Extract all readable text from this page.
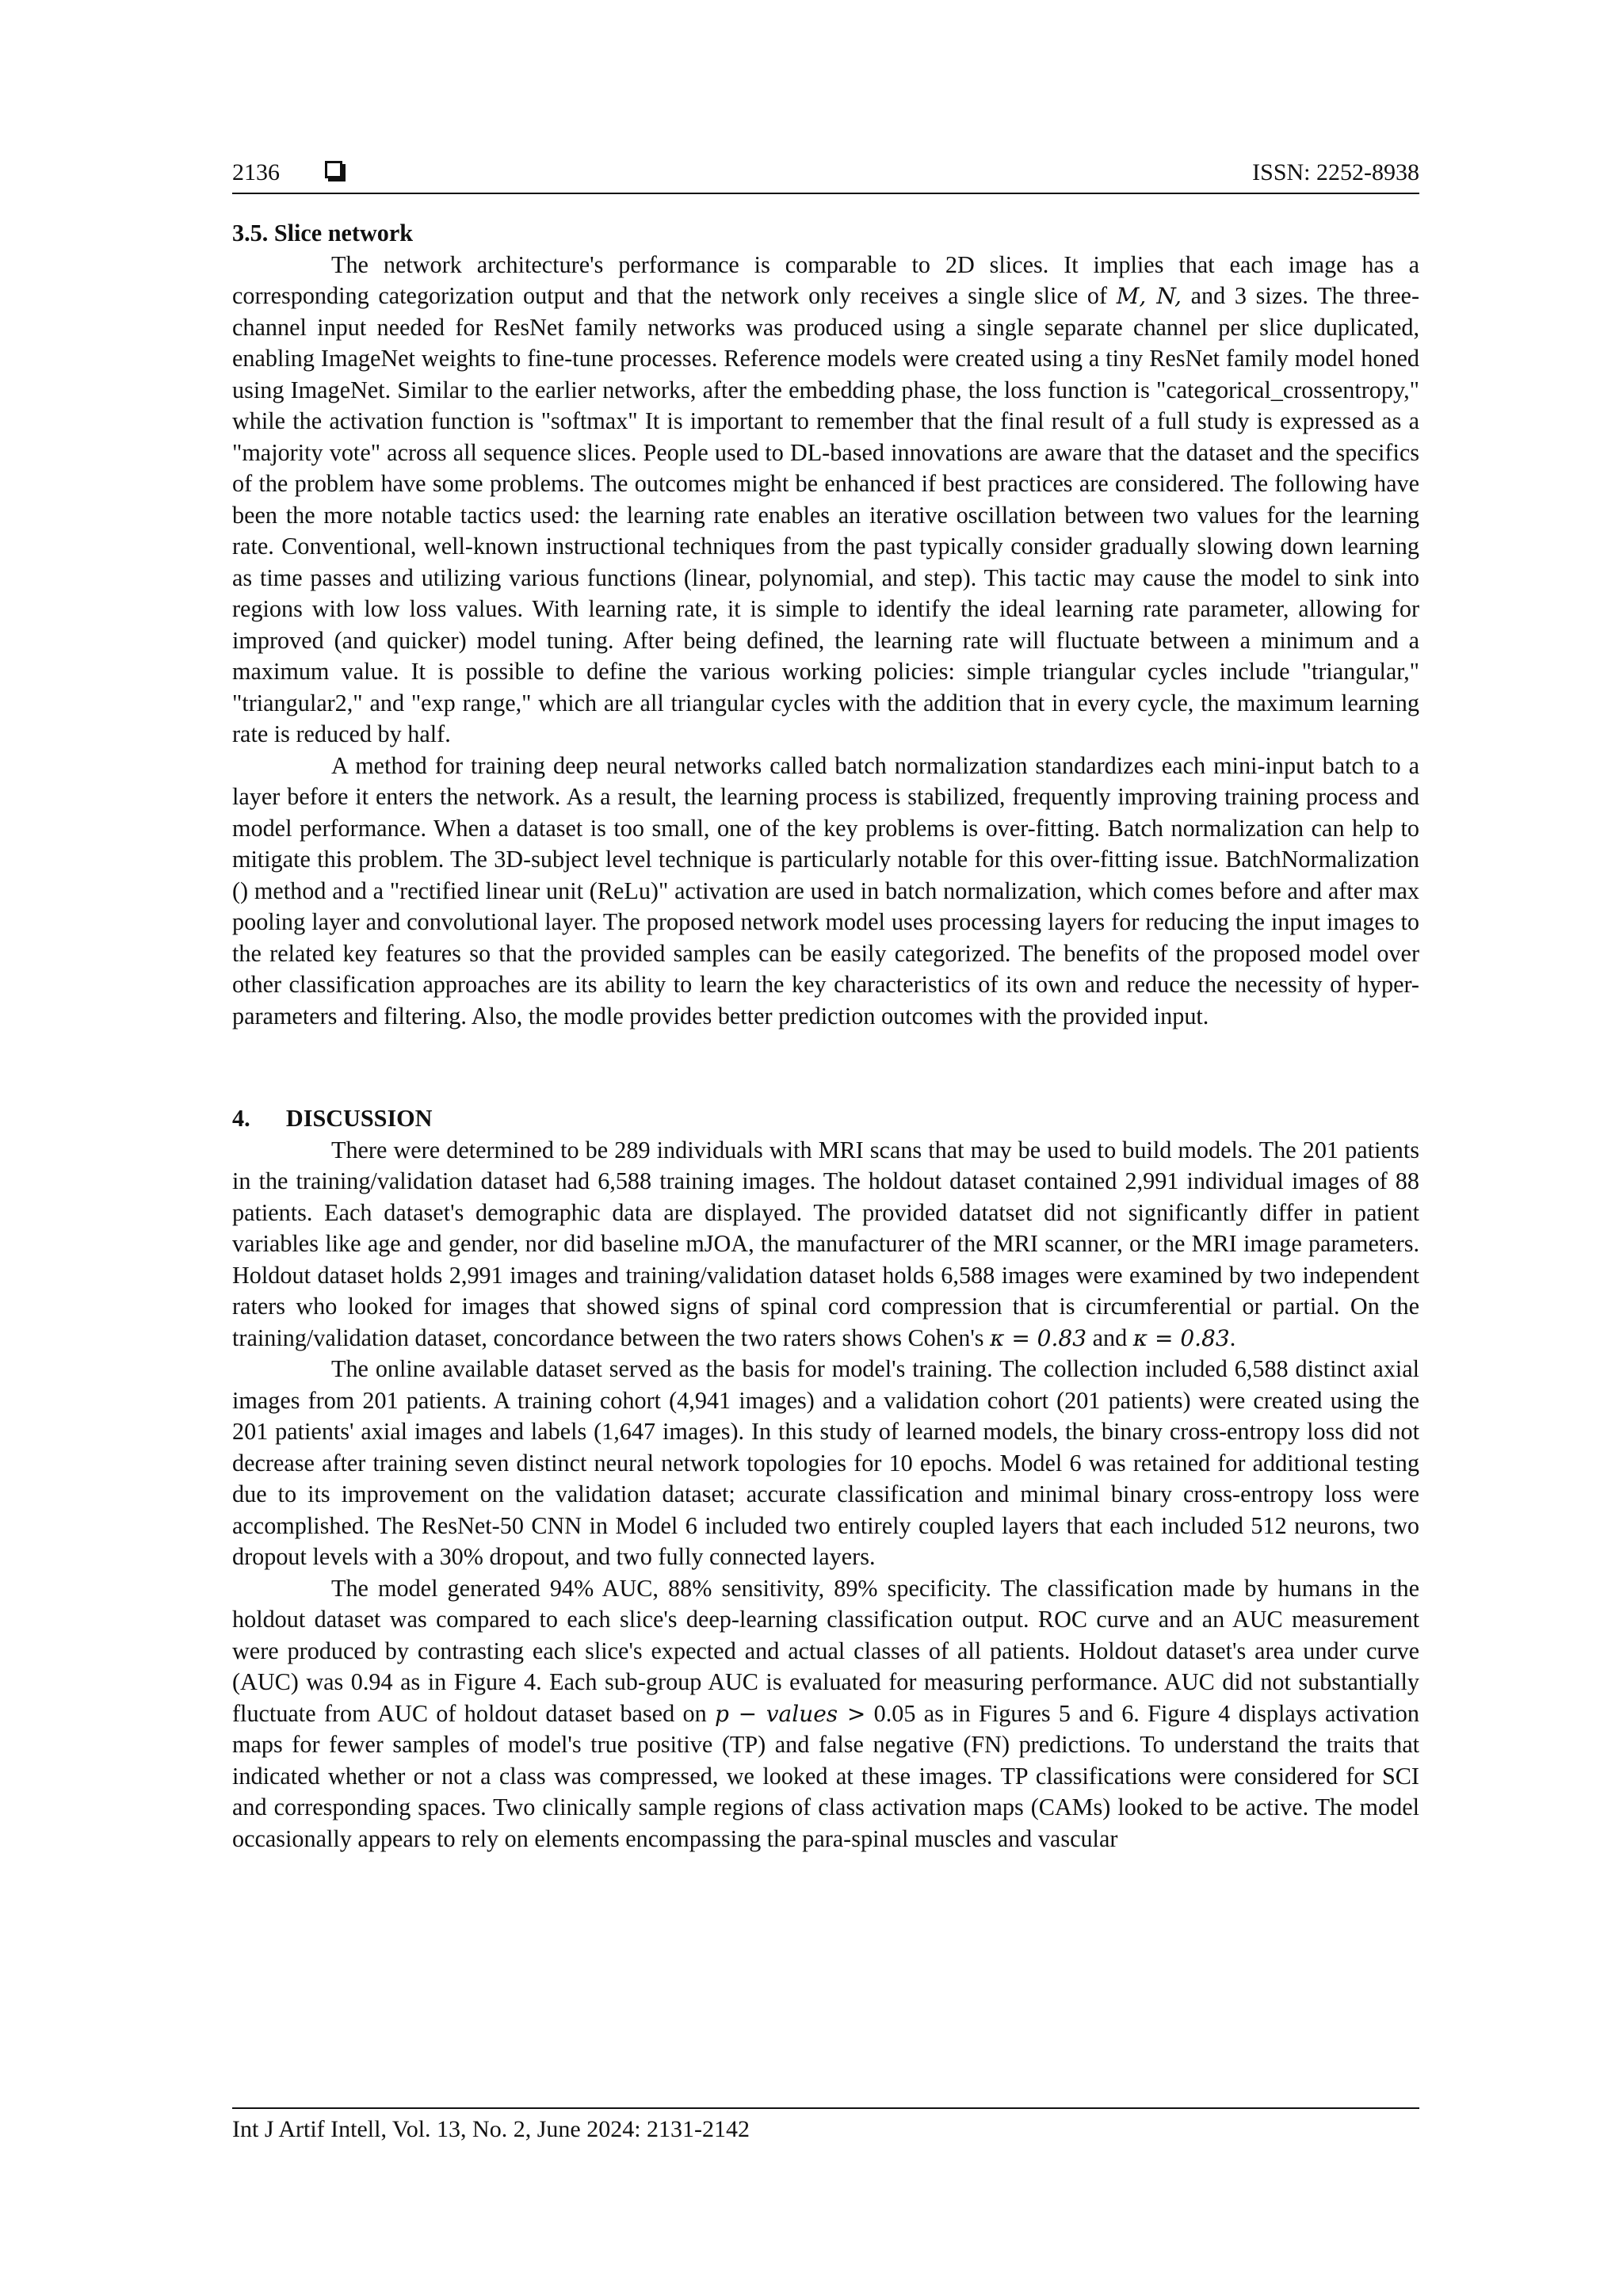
2136	ISSN: 2252-8938
3.5. Slice network

The network architecture's performance is comparable to 2D slices. It implies that each image has a corresponding categorization output and that the network only receives a single slice of M, N, and 3 sizes. The three-channel input needed for ResNet family networks was produced using a single separate channel per slice duplicated, enabling ImageNet weights to fine-tune processes. Reference models were created using a tiny ResNet family model honed using ImageNet. Similar to the earlier networks, after the embedding phase, the loss function is "categorical_crossentropy," while the activation function is "softmax" It is important to remember that the final result of a full study is expressed as a "majority vote" across all sequence slices. People used to DL-based innovations are aware that the dataset and the specifics of the problem have some problems. The outcomes might be enhanced if best practices are considered. The following have been the more notable tactics used: the learning rate enables an iterative oscillation between two values for the learning rate. Conventional, well-known instructional techniques from the past typically consider gradually slowing down learning as time passes and utilizing various functions (linear, polynomial, and step). This tactic may cause the model to sink into regions with low loss values. With learning rate, it is simple to identify the ideal learning rate parameter, allowing for improved (and quicker) model tuning. After being defined, the learning rate will fluctuate between a minimum and a maximum value. It is possible to define the various working policies: simple triangular cycles include "triangular," "triangular2," and "exp range," which are all triangular cycles with the addition that in every cycle, the maximum learning rate is reduced by half.

A method for training deep neural networks called batch normalization standardizes each mini-input batch to a layer before it enters the network. As a result, the learning process is stabilized, frequently improving training process and model performance. When a dataset is too small, one of the key problems is over-fitting. Batch normalization can help to mitigate this problem. The 3D-subject level technique is particularly notable for this over-fitting issue. BatchNormalization () method and a "rectified linear unit (ReLu)" activation are used in batch normalization, which comes before and after max pooling layer and convolutional layer. The proposed network model uses processing layers for reducing the input images to the related key features so that the provided samples can be easily categorized. The benefits of the proposed model over other classification approaches are its ability to learn the key characteristics of its own and reduce the necessity of hyper-parameters and filtering. Also, the modle provides better prediction outcomes with the provided input.

4.      DISCUSSION

There were determined to be 289 individuals with MRI scans that may be used to build models. The 201 patients in the training/validation dataset had 6,588 training images. The holdout dataset contained 2,991 individual images of 88 patients. Each dataset's demographic data are displayed. The provided datatset did not significantly differ in patient variables like age and gender, nor did baseline mJOA, the manufacturer of the MRI scanner, or the MRI image parameters. Holdout dataset holds 2,991 images and training/validation dataset holds 6,588 images were examined by two independent raters who looked for images that showed signs of spinal cord compression that is circumferential or partial. On the training/validation dataset, concordance between the two raters shows Cohen's κ = 0.83 and κ = 0.83.

The online available dataset served as the basis for model's training. The collection included 6,588 distinct axial images from 201 patients. A training cohort (4,941 images) and a validation cohort (201 patients) were created using the 201 patients' axial images and labels (1,647 images). In this study of learned models, the binary cross-entropy loss did not decrease after training seven distinct neural network topologies for 10 epochs. Model 6 was retained for additional testing due to its improvement on the validation dataset; accurate classification and minimal binary cross-entropy loss were accomplished. The ResNet-50 CNN in Model 6 included two entirely coupled layers that each included 512 neurons, two dropout levels with a 30% dropout, and two fully connected layers.

The model generated 94% AUC, 88% sensitivity, 89% specificity. The classification made by humans in the holdout dataset was compared to each slice's deep-learning classification output. ROC curve and an AUC measurement were produced by contrasting each slice's expected and actual classes of all patients. Holdout dataset's area under curve (AUC) was 0.94 as in Figure 4. Each sub-group AUC is evaluated for measuring performance. AUC did not substantially fluctuate from AUC of holdout dataset based on p − values > 0.05 as in Figures 5 and 6. Figure 4 displays activation maps for fewer samples of model's true positive (TP) and false negative (FN) predictions. To understand the traits that indicated whether or not a class was compressed, we looked at these images. TP classifications were considered for SCI and corresponding spaces. Two clinically sample regions of class activation maps (CAMs) looked to be active. The model occasionally appears to rely on elements encompassing the para-spinal muscles and vascular

Int J Artif Intell, Vol. 13, No. 2, June 2024: 2131-2142
